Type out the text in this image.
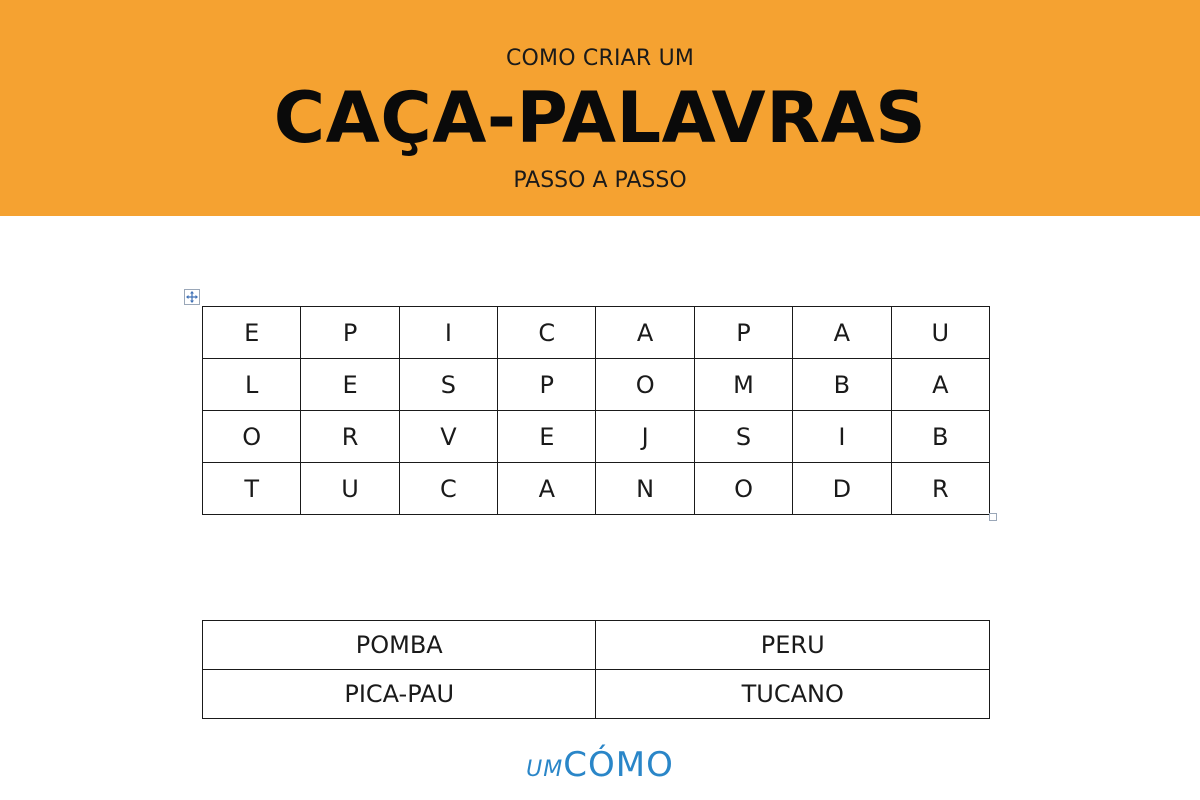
COMO CRIAR UM
CAÇA-PALAVRAS
PASSO A PASSO
E	P	I	C	A	P	A	U
L	E	S	P	O	M	B	A
O	R	V	E	J	S	I	B
T	U	C	A	N	O	D	R
POMBA	PERU
PICA-PAU	TUCANO
UMCÓMO
